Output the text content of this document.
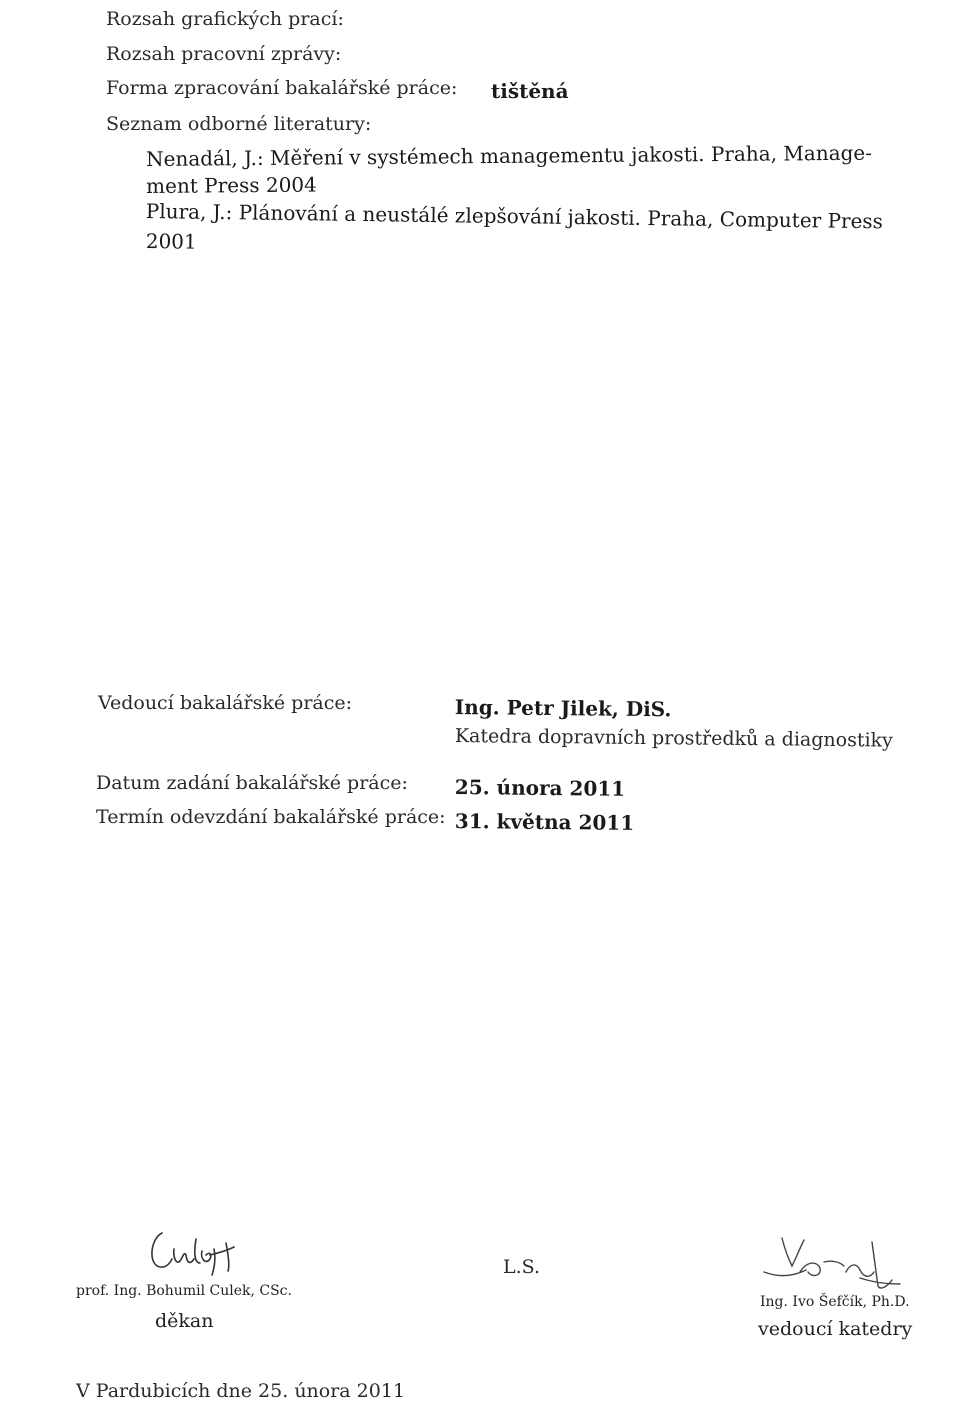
Rozsah grafických prací:
Rozsah pracovní zprávy:
Forma zpracování bakalářské práce: tištěná
Seznam odborné literatury:
Nenadál, J.: Měření v systémech managementu jakosti. Praha, Manage-
ment Press 2004
Plura, J.: Plánování a neustálé zlepšování jakosti. Praha, Computer Press
2001
Vedoucí bakalářské práce:	Ing. Petr Jilek, DiS.
Katedra dopravních prostředků a diagnostiky
Datum zadání bakalářské práce: 25. února 2011
Termín odevzdání bakalářské práce: 31. května 2011
prof. Ing. Bohumil Culek, CSc.
děkan
L.S.
Ing. Ivo Šefčík, Ph.D.
vedoucí katedry
V Pardubicích dne 25. února 2011
